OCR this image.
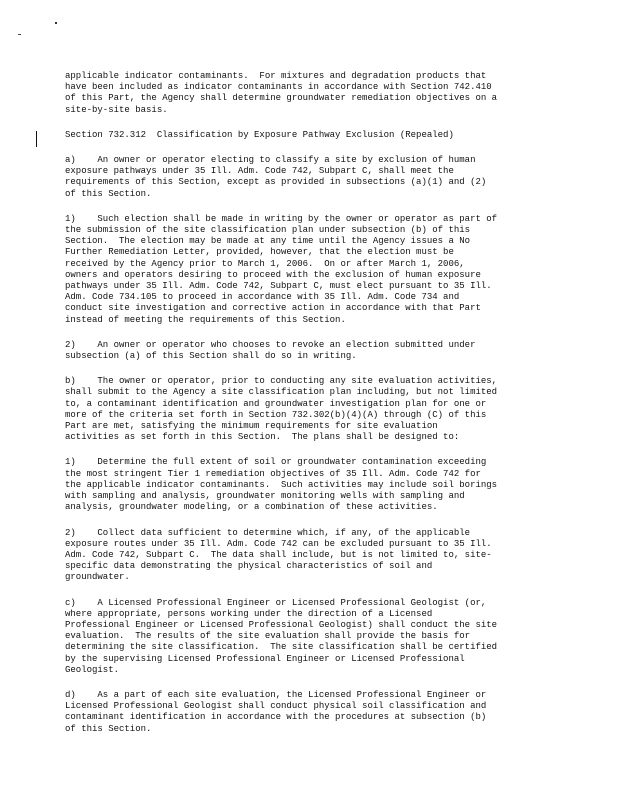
applicable indicator contaminants.  For mixtures and degradation products that
have been included as indicator contaminants in accordance with Section 742.410
of this Part, the Agency shall determine groundwater remediation objectives on a
site-by-site basis.

Section 732.312  Classification by Exposure Pathway Exclusion (Repealed)

a)    An owner or operator electing to classify a site by exclusion of human
exposure pathways under 35 Ill. Adm. Code 742, Subpart C, shall meet the
requirements of this Section, except as provided in subsections (a)(1) and (2)
of this Section.

1)    Such election shall be made in writing by the owner or operator as part of
the submission of the site classification plan under subsection (b) of this
Section.  The election may be made at any time until the Agency issues a No
Further Remediation Letter, provided, however, that the election must be
received by the Agency prior to March 1, 2006.  On or after March 1, 2006,
owners and operators desiring to proceed with the exclusion of human exposure
pathways under 35 Ill. Adm. Code 742, Subpart C, must elect pursuant to 35 Ill.
Adm. Code 734.105 to proceed in accordance with 35 Ill. Adm. Code 734 and
conduct site investigation and corrective action in accordance with that Part
instead of meeting the requirements of this Section.

2)    An owner or operator who chooses to revoke an election submitted under
subsection (a) of this Section shall do so in writing.

b)    The owner or operator, prior to conducting any site evaluation activities,
shall submit to the Agency a site classification plan including, but not limited
to, a contaminant identification and groundwater investigation plan for one or
more of the criteria set forth in Section 732.302(b)(4)(A) through (C) of this
Part are met, satisfying the minimum requirements for site evaluation
activities as set forth in this Section.  The plans shall be designed to:

1)    Determine the full extent of soil or groundwater contamination exceeding
the most stringent Tier 1 remediation objectives of 35 Ill. Adm. Code 742 for
the applicable indicator contaminants.  Such activities may include soil borings
with sampling and analysis, groundwater monitoring wells with sampling and
analysis, groundwater modeling, or a combination of these activities.

2)    Collect data sufficient to determine which, if any, of the applicable
exposure routes under 35 Ill. Adm. Code 742 can be excluded pursuant to 35 Ill.
Adm. Code 742, Subpart C.  The data shall include, but is not limited to, site-
specific data demonstrating the physical characteristics of soil and
groundwater.

c)    A Licensed Professional Engineer or Licensed Professional Geologist (or,
where appropriate, persons working under the direction of a Licensed
Professional Engineer or Licensed Professional Geologist) shall conduct the site
evaluation.  The results of the site evaluation shall provide the basis for
determining the site classification.  The site classification shall be certified
by the supervising Licensed Professional Engineer or Licensed Professional
Geologist.

d)    As a part of each site evaluation, the Licensed Professional Engineer or
Licensed Professional Geologist shall conduct physical soil classification and
contaminant identification in accordance with the procedures at subsection (b)
of this Section.
